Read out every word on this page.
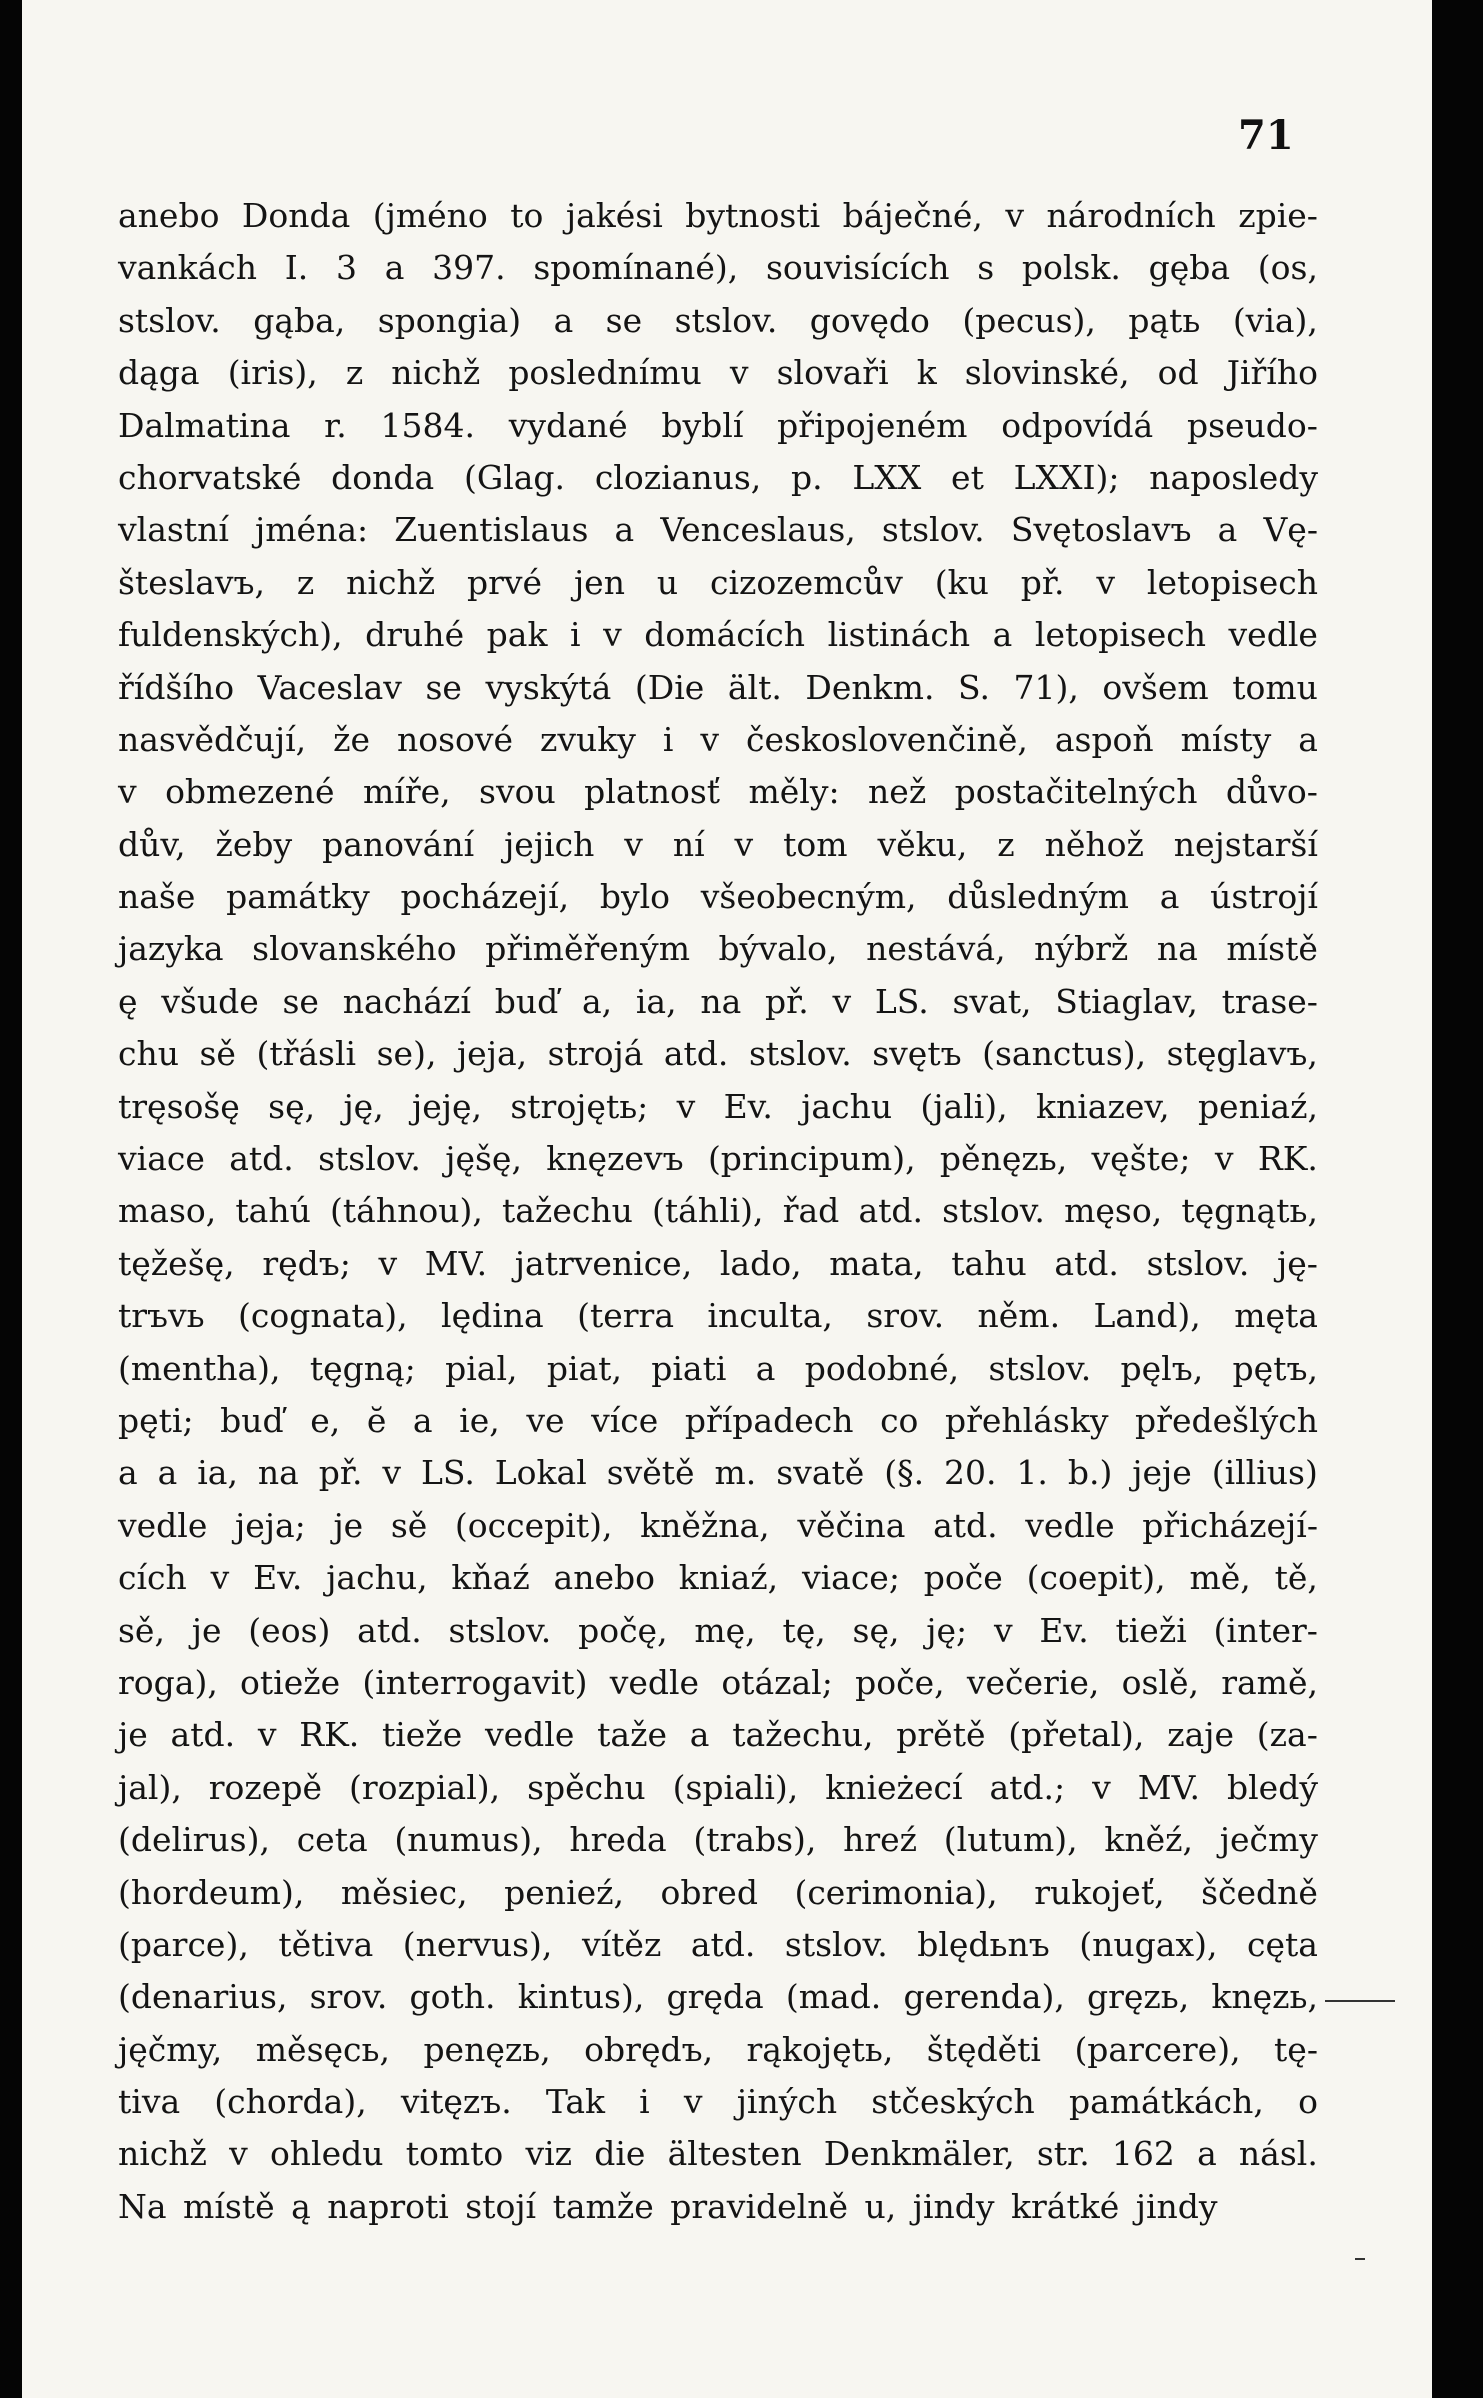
71
anebo Donda (jméno to jakési bytnosti báječné, v národních zpie-
vankách I. 3 a 397. spomínané), souvisících s polsk. gęba (os,
stslov. gąba, spongia) a se stslov. govędo (pecus), pątь (via),
dąga (iris), z nichž poslednímu v slovaři k slovinské, od Jiřího
Dalmatina r. 1584. vydané byblí připojeném odpovídá pseudo-
chorvatské donda (Glag. clozianus, p. LXX et LXXI); naposledy
vlastní jména: Zuentislaus a Venceslaus, stslov. Svętoslavъ a Vę-
šteslavъ, z nichž prvé jen u cizozemcův (ku př. v letopisech
fuldenských), druhé pak i v domácích listinách a letopisech vedle
řídšího Vaceslav se vyskýtá (Die ält. Denkm. S. 71), ovšem tomu
nasvědčují, že nosové zvuky i v českoslovenčině, aspoň místy a
v obmezené míře, svou platnosť měly: než postačitelných důvo-
dův, žeby panování jejich v ní v tom věku, z něhož nejstarší
naše památky pocházejí, bylo všeobecným, důsledným a ústrojí
jazyka slovanského přiměřeným bývalo, nestává, nýbrž na místě
ę všude se nachází buď a, ia, na př. v LS. svat, Stiaglav, trase-
chu sě (třásli se), jeja, strojá atd. stslov. svętъ (sanctus), stęglavъ,
tręsošę sę, ję, jeję, strojętь; v Ev. jachu (jali), kniazev, peniaź,
viace atd. stslov. jęšę, knęzevъ (principum), pěnęzь, vęšte; v RK.
maso, tahú (táhnou), tažechu (táhli), řad atd. stslov. męso, tęgnątь,
tęžešę, rędъ; v MV. jatrvenice, lado, mata, tahu atd. stslov. ję-
trъvь (cognata), lędina (terra inculta, srov. něm. Land), męta
(mentha), tęgną; pial, piat, piati a podobné, stslov. pęlъ, pętъ,
pęti; buď e, ĕ a ie, ve více případech co přehlásky předešlých
a a ia, na př. v LS. Lokal světě m. svatě (§. 20. 1. b.) jeje (illius)
vedle jeja; je sě (occepit), kněžna, věčina atd. vedle přicházejí-
cích v Ev. jachu, kňaź anebo kniaź, viace; poče (coepit), mě, tě,
sě, je (eos) atd. stslov. počę, mę, tę, sę, ję; v Ev. tieži (inter-
roga), otieže (interrogavit) vedle otázal; poče, večerie, oslě, ramě,
je atd. v RK. tieže vedle taže a tažechu, prětě (přetal), zaje (za-
jal), rozepě (rozpial), spěchu (spiali), knieżecí atd.; v MV. bledý
(delirus), ceta (numus), hreda (trabs), hreź (lutum), kněź, ječmy
(hordeum), měsiec, penieź, obred (cerimonia), rukojeť, ščedně
(parce), tětiva (nervus), vítěz atd. stslov. blędьnъ (nugax), cęta
(denarius, srov. goth. kintus), gręda (mad. gerenda), gręzь, knęzь,
jęčmy, měsęcь, penęzь, obrędъ, rąkojętь, štęděti (parcere), tę-
tiva (chorda), vitęzъ. Tak i v jiných stčeských památkách, o
nichž v ohledu tomto viz die ältesten Denkmäler, str. 162 a násl.
Na místě ą naproti stojí tamže pravidelně u, jindy krátké jindy
